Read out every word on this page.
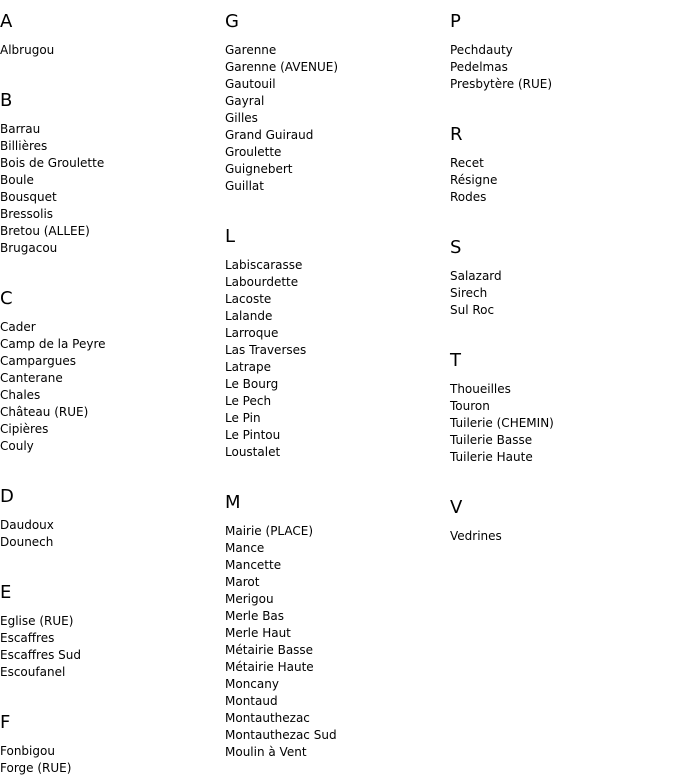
A
Albrugou
B
Barrau
Billières
Bois de Groulette
Boule
Bousquet
Bressolis
Bretou (ALLEE)
Brugacou
C
Cader
Camp de la Peyre
Campargues
Canterane
Chales
Château (RUE)
Cipières
Couly
D
Daudoux
Dounech
E
Eglise (RUE)
Escaffres
Escaffres Sud
Escoufanel
F
Fonbigou
Forge (RUE)
G
Garenne
Garenne (AVENUE)
Gautouil
Gayral
Gilles
Grand Guiraud
Groulette
Guignebert
Guillat
L
Labiscarasse
Labourdette
Lacoste
Lalande
Larroque
Las Traverses
Latrape
Le Bourg
Le Pech
Le Pin
Le Pintou
Loustalet
M
Mairie (PLACE)
Mance
Mancette
Marot
Merigou
Merle Bas
Merle Haut
Métairie Basse
Métairie Haute
Moncany
Montaud
Montauthezac
Montauthezac Sud
Moulin à Vent
P
Pechdauty
Pedelmas
Presbytère (RUE)
R
Recet
Résigne
Rodes
S
Salazard
Sirech
Sul Roc
T
Thoueilles
Touron
Tuilerie (CHEMIN)
Tuilerie Basse
Tuilerie Haute
V
Vedrines
